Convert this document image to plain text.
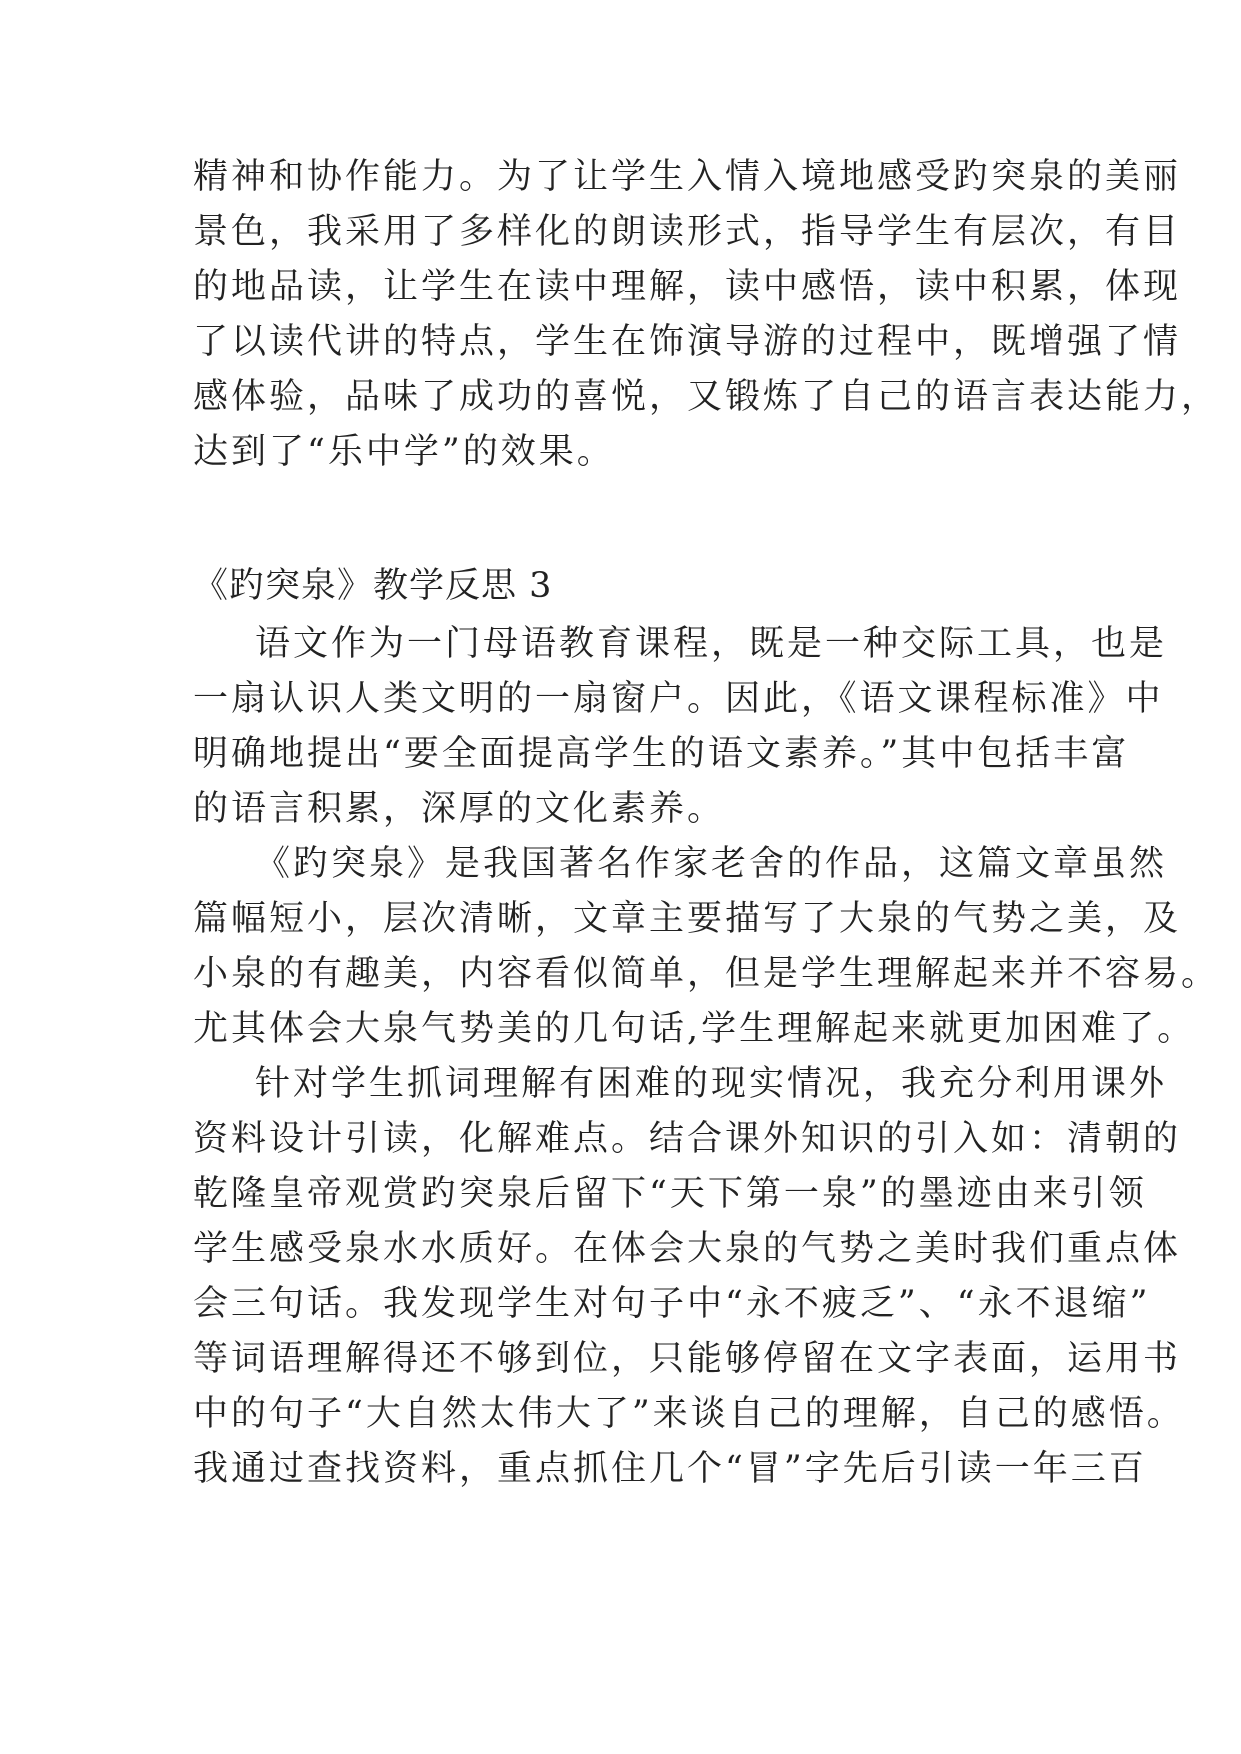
精神和协作能力。为了让学生入情入境地感受趵突泉的美丽
景色，我采用了多样化的朗读形式，指导学生有层次，有目
的地品读，让学生在读中理解，读中感悟，读中积累，体现
了以读代讲的特点，学生在饰演导游的过程中，既增强了情
感体验，品味了成功的喜悦，又锻炼了自己的语言表达能力，
达到了“乐中学”的效果。
《趵突泉》教学反思 3
语文作为一门母语教育课程，既是一种交际工具，也是
一扇认识人类文明的一扇窗户。因此，《语文课程标准》中
明确地提出“要全面提高学生的语文素养。”其中包括丰富
的语言积累，深厚的文化素养。
《趵突泉》是我国著名作家老舍的作品，这篇文章虽然
篇幅短小，层次清晰，文章主要描写了大泉的气势之美，及
小泉的有趣美，内容看似简单，但是学生理解起来并不容易。
尤其体会大泉气势美的几句话,学生理解起来就更加困难了。
针对学生抓词理解有困难的现实情况，我充分利用课外
资料设计引读，化解难点。结合课外知识的引入如：清朝的
乾隆皇帝观赏趵突泉后留下“天下第一泉”的墨迹由来引领
学生感受泉水水质好。在体会大泉的气势之美时我们重点体
会三句话。我发现学生对句子中“永不疲乏”、“永不退缩”
等词语理解得还不够到位，只能够停留在文字表面，运用书
中的句子“大自然太伟大了”来谈自己的理解，自己的感悟。
我通过查找资料，重点抓住几个“冒”字先后引读一年三百
